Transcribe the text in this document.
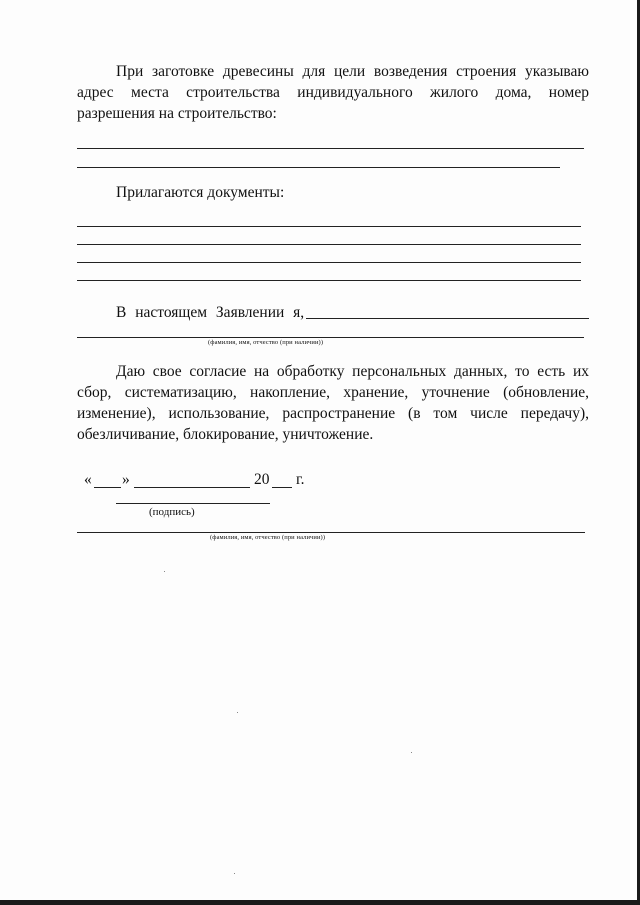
При заготовке древесины для цели возведения строения указываю адрес места строительства индивидуального жилого дома, номер разрешения на строительство:

Прилагаются документы:
В настоящем Заявлении я,
(фамилия, имя, отчество (при наличии))

Даю свое согласие на обработку персональных данных, то есть их сбор, систематизацию, накопление, хранение, уточнение (обновление, изменение), использование, распространение (в том числе передачу), обезличивание, блокирование, уничтожение.

« »	20 г.
(подпись)
(фамилия, имя, отчество (при наличии))
